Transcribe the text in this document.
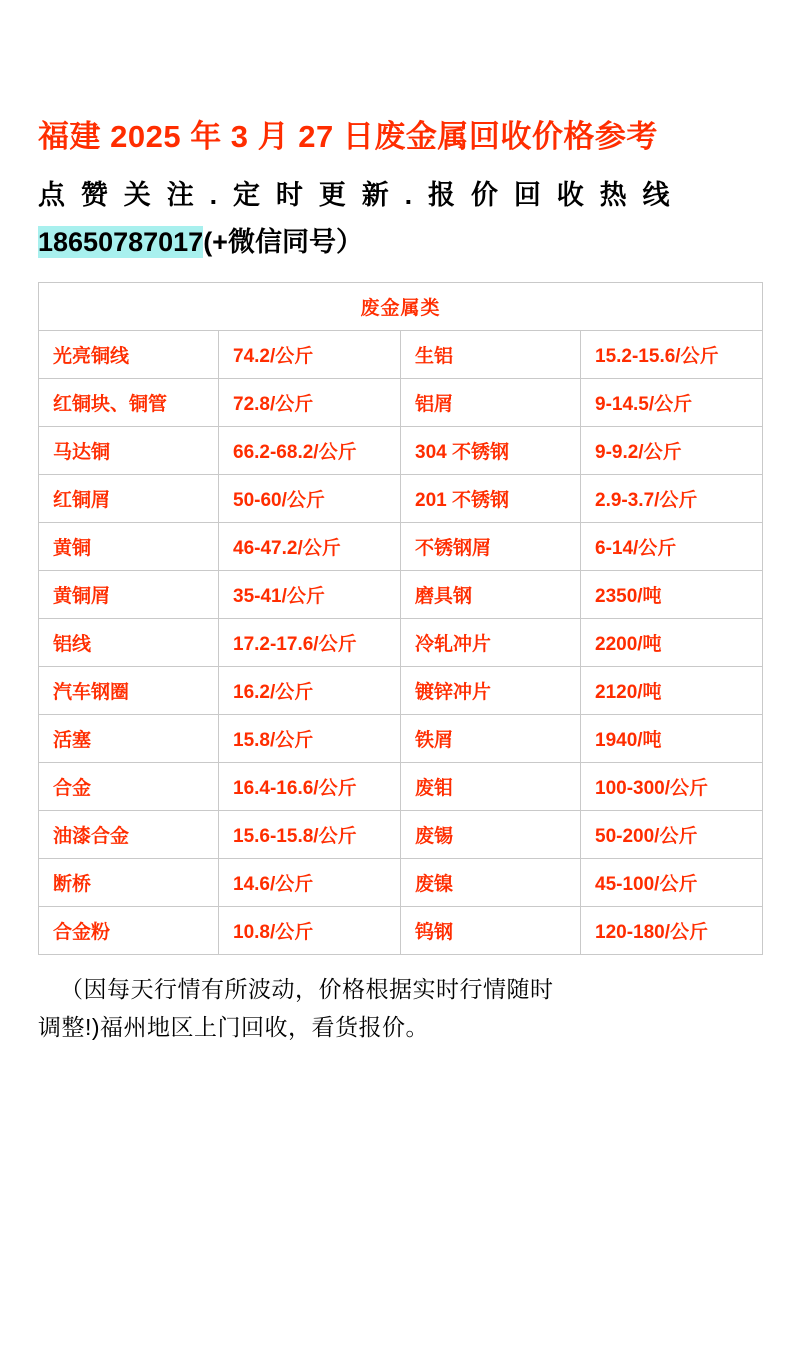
福建 2025 年 3 月 27 日废金属回收价格参考
点 赞 关 注 . 定 时 更 新 . 报 价 回 收 热 线
18650787017(+微信同号）
废金属类			
光亮铜线	74.2/公斤	生铝	15.2-15.6/公斤
红铜块、铜管	72.8/公斤	铝屑	9-14.5/公斤
马达铜	66.2-68.2/公斤	304 不锈钢	9-9.2/公斤
红铜屑	50-60/公斤	201 不锈钢	2.9-3.7/公斤
黄铜	46-47.2/公斤	不锈钢屑	6-14/公斤
黄铜屑	35-41/公斤	磨具钢	2350/吨
铝线	17.2-17.6/公斤	冷轧冲片	2200/吨
汽车钢圈	16.2/公斤	镀锌冲片	2120/吨
活塞	15.8/公斤	铁屑	1940/吨
合金	16.4-16.6/公斤	废钼	100-300/公斤
油漆合金	15.6-15.8/公斤	废锡	50-200/公斤
断桥	14.6/公斤	废镍	45-100/公斤
合金粉	10.8/公斤	钨钢	120-180/公斤

（因每天行情有所波动，价格根据实时行情随时
调整!)福州地区上门回收，看货报价。
